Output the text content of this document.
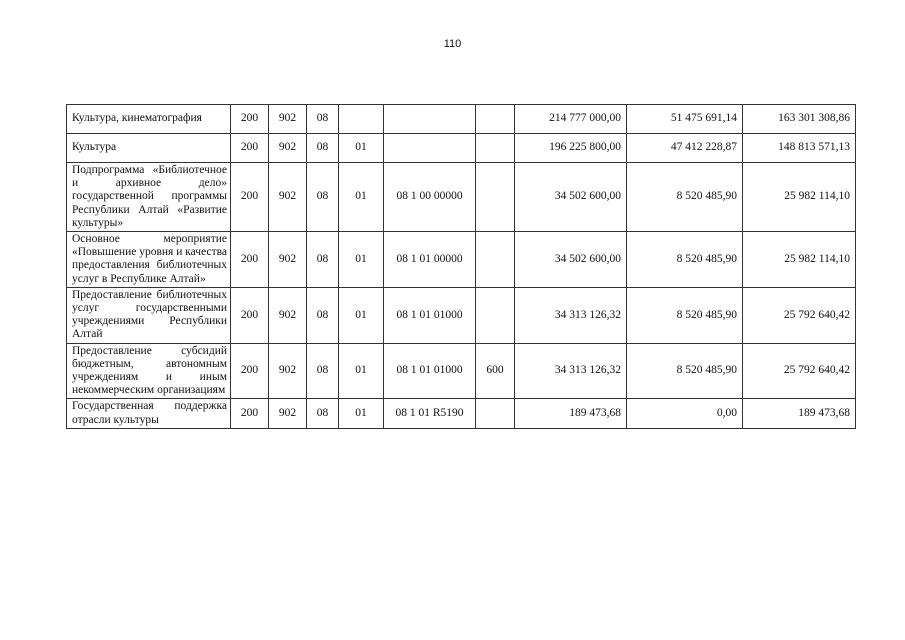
110
Культура, кинематография	200	902	08				214 777 000,00	51 475 691,14	163 301 308,86
Культура	200	902	08	01			196 225 800,00	47 412 228,87	148 813 571,13
Подпрограмма «Библиотечное и архивное дело» государственной программы Республики Алтай «Развитие культуры»	200	902	08	01	08 1 00 00000		34 502 600,00	8 520 485,90	25 982 114,10
Основное мероприятие «Повышение уровня и качества предоставления библиотечных услуг в Республике Алтай»	200	902	08	01	08 1 01 00000		34 502 600,00	8 520 485,90	25 982 114,10
Предоставление библиотечных услуг государственными учреждениями Республики Алтай	200	902	08	01	08 1 01 01000		34 313 126,32	8 520 485,90	25 792 640,42
Предоставление субсидий бюджетным, автономным учреждениям и иным некоммерческим организациям	200	902	08	01	08 1 01 01000	600	34 313 126,32	8 520 485,90	25 792 640,42
Государственная поддержка отрасли культуры	200	902	08	01	08 1 01 R5190		189 473,68	0,00	189 473,68
